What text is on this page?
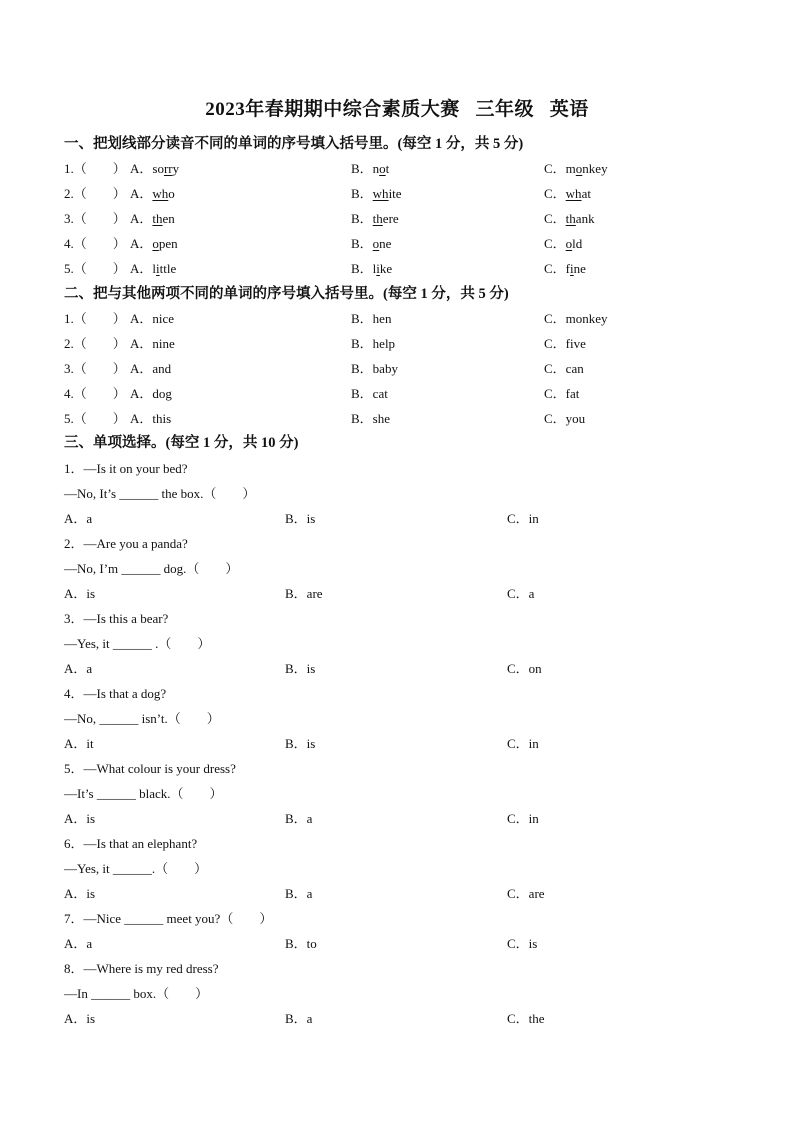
2023年春期期中综合素质大赛   三年级   英语
一、把划线部分读音不同的单词的序号填入括号里。(每空 1 分，共 5 分)
1.（　　） A．sorry	B．not	C．monkey
2.（　　） A．who	B．white	C．what
3.（　　） A．then	B．there	C．thank
4.（　　） A．open	B．one	C．old
5.（　　） A．little	B．like	C．fine
二、把与其他两项不同的单词的序号填入括号里。(每空 1 分，共 5 分)
1.（　　） A．nice	B．hen	C．monkey
2.（　　） A．nine	B．help	C．five
3.（　　） A．and	B．baby	C．can
4.（　　） A．dog	B．cat	C．fat
5.（　　） A．this	B．she	C．you
三、单项选择。(每空 1 分，共 10 分)
1．—Is it on your bed?
—No, It’s ______ the box.（　　）
A．a	B．is	C．in
2．—Are you a panda?
—No, I’m ______ dog.（　　）
A．is	B．are	C．a
3．—Is this a bear?
—Yes, it ______ .（　　）
A．a	B．is	C．on
4．—Is that a dog?
—No, ______ isn’t.（　　）
A．it	B．is	C．in
5．—What colour is your dress?
—It’s ______ black.（　　）
A．is	B．a	C．in
6．—Is that an elephant?
—Yes, it ______.（　　）
A．is	B．a	C．are
7．—Nice ______ meet you?（　　）
A．a	B．to	C．is
8．—Where is my red dress?
—In ______ box.（　　）
A．is	B．a	C．the
